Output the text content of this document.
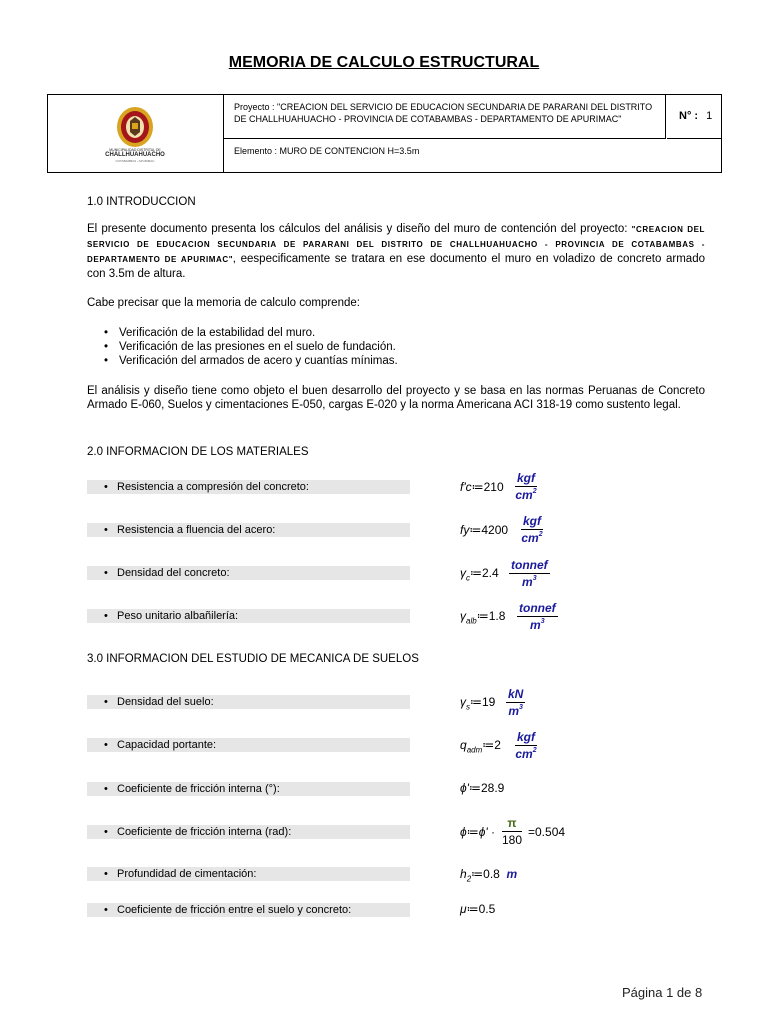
MEMORIA DE CALCULO ESTRUCTURAL
MUNICIPALIDAD DISTRITAL DE
CHALLHUAHUACHO
COTABAMBAS - APURIMAC
Proyecto : "CREACION DEL SERVICIO DE EDUCACION SECUNDARIA DE PARARANI DEL DISTRITO DE CHALLHUAHUACHO - PROVINCIA DE COTABAMBAS - DEPARTAMENTO DE APURIMAC"	N° : 1
Elemento : MURO DE CONTENCION H=3.5m
1.0 INTRODUCCION
El presente documento presenta los cálculos del análisis y diseño del muro de contención del proyecto: "CREACION DEL SERVICIO DE EDUCACION SECUNDARIA DE PARARANI DEL DISTRITO DE CHALLHUAHUACHO - PROVINCIA DE COTABAMBAS - DEPARTAMENTO DE APURIMAC", eespecificamente se tratara en ese documento el muro en voladizo de concreto armado con 3.5m de altura.
Cabe precisar que la memoria de calculo comprende:
• Verificación de la estabilidad del muro.
• Verificación de las presiones en el suelo de fundación.
• Verificación del armados de acero y cuantías mínimas.
El análisis y diseño tiene como objeto el buen desarrollo del proyecto y se basa en las normas Peruanas de Concreto Armado E-060, Suelos y cimentaciones E-050, cargas E-020 y la norma Americana ACI 318-19 como sustento legal.
2.0 INFORMACION DE LOS MATERIALES
• Resistencia a compresión del concreto:	f'c≔210
kgf
$cm^2$
• Resistencia a fluencia del acero:	fy≔4200
kgf
$cm^2$
• Densidad del concreto:	$\gamma_c≔2.4$
tonnef
$m^3$
• Peso unitario albañilería:	$\gamma_{alb}≔1.8$
tonnef
$m^3$
3.0 INFORMACION DEL ESTUDIO DE MECANICA DE SUELOS
• Densidad del suelo:	$\gamma_s≔19 \frac{kN}{m^3}$
• Capacidad portante:	$q_{adm}≔2$
kgf
$cm^2$
• Coeficiente de fricción interna (°):	ϕ'≔28.9
• Coeficiente de fricción interna (rad):	ϕ≔ϕ' · $\frac{\pi}{180} =0.504$
• Profundidad de cimentación:	$h_2≔0.8$ m
• Coeficiente de fricción entre el suelo y concreto:	μ≔0.5
Página 1 de 8
